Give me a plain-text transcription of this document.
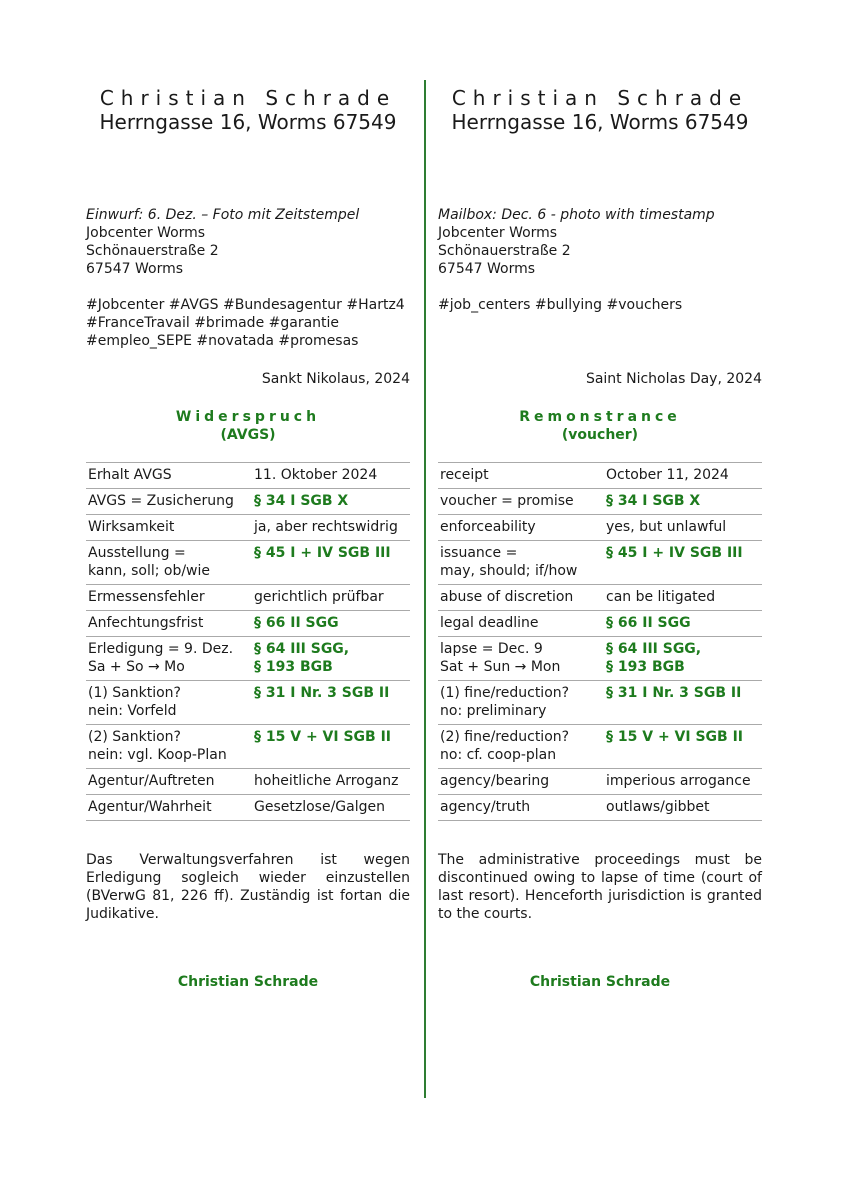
Christian Schrade
Herrngasse 16, Worms 67549
Einwurf: 6. Dez. – Foto mit Zeitstempel
Jobcenter Worms
Schönauerstraße 2
67547 Worms
#Jobcenter #AVGS #Bundesagentur #Hartz4
#FranceTravail #brimade #garantie
#empleo_SEPE #novatada #promesas
Sankt Nikolaus, 2024
Widerspruch
(AVGS)
Erhalt AVGS	11. Oktober 2024

AVGS = Zusicherung	§ 34 I SGB X

Wirksamkeit	ja, aber rechtswidrig

Ausstellung =
kann, soll; ob/wie	§ 45 I + IV SGB III

Ermessensfehler	gerichtlich prüfbar

Anfechtungsfrist	§ 66 II SGG

Erledigung = 9. Dez.
Sa + So → Mo	§ 64 III SGG,
§ 193 BGB

(1) Sanktion?
nein: Vorfeld	§ 31 I Nr. 3 SGB II

(2) Sanktion?
nein: vgl. Koop-Plan	§ 15 V + VI SGB II

Agentur/Auftreten	hoheitliche Arroganz

Agentur/Wahrheit	Gesetzlose/Galgen
Das Verwaltungsverfahren ist wegen Erledigung sogleich wieder einzustellen (BVerwG 81, 226 ff). Zuständig ist fortan die Judikative.
Christian Schrade
Christian Schrade
Herrngasse 16, Worms 67549
Mailbox: Dec. 6 - photo with timestamp
Jobcenter Worms
Schönauerstraße 2
67547 Worms
#job_centers #bullying #vouchers
Saint Nicholas Day, 2024
Remonstrance
(voucher)
receipt	October 11, 2024

voucher = promise	§ 34 I SGB X

enforceability	yes, but unlawful

issuance =
may, should; if/how	§ 45 I + IV SGB III

abuse of discretion	can be litigated

legal deadline	§ 66 II SGG

lapse = Dec. 9
Sat + Sun → Mon	§ 64 III SGG,
§ 193 BGB

(1) fine/reduction?
no: preliminary	§ 31 I Nr. 3 SGB II

(2) fine/reduction?
no: cf. coop-plan	§ 15 V + VI SGB II

agency/bearing	imperious arrogance

agency/truth	outlaws/gibbet
The administrative proceedings must be discontinued owing to lapse of time (court of last resort). Henceforth jurisdiction is granted to the courts.
Christian Schrade
